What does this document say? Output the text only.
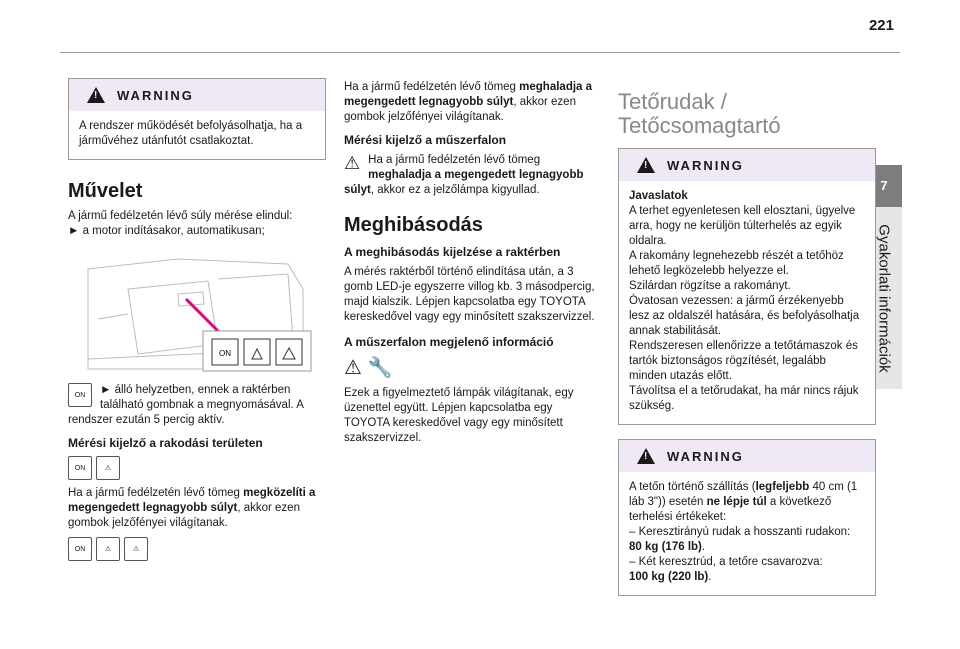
221
7
Gyakorlati információk
!
WARNING

A rendszer működését befolyásolhatja, ha a járművéhez utánfutót csatlakoztat.

Művelet

A jármű fedélzetén lévő súly mérése elindul:

► a motor indításakor, automatikusan;

ON
ON	► álló helyzetben, ennek a raktérben található gombnak a megnyomásával. A rendszer ezután 5 percig aktív.

Mérési kijelző a rakodási területen
ON	⚠

Ha a jármű fedélzetén lévő tömeg megközelíti a megengedett legnagyobb súlyt, akkor ezen gombok jelzőfényei világítanak.

ON	⚠	⚠

Ha a jármű fedélzetén lévő tömeg meghaladja a megengedett legnagyobb súlyt, akkor ezen gombok jelzőfényei világítanak.

Mérési kijelző a műszerfalon
⚠ Ha a jármű fedélzetén lévő tömeg meghaladja a megengedett legnagyobb súlyt, akkor ez a jelzőlámpa kigyullad.

Meghibásodás
A meghibásodás kijelzése a raktérben

A mérés raktérből történő elindítása után, a 3 gomb LED-je egyszerre villog kb. 3 másodpercig, majd kialszik. Lépjen kapcsolatba egy TOYOTA kereskedővel vagy egy minősített szakszervizzel.

A műszerfalon megjelenő információ
⚠ 🔧

Ezek a figyelmeztető lámpák világítanak, egy üzenettel együtt. Lépjen kapcsolatba egy TOYOTA kereskedővel vagy egy minősített szakszervizzel.

Tetőrudak / Tetőcsomagtartó
!
WARNING

Javaslatok

A terhet egyenletesen kell elosztani, ügyelve arra, hogy ne kerüljön túlterhelés az egyik oldalra.

A rakomány legnehezebb részét a tetőhöz lehető legközelebb helyezze el.

Szilárdan rögzítse a rakományt.

Óvatosan vezessen: a jármű érzékenyebb lesz az oldalszél hatására, és befolyásolhatja annak stabilitását.

Rendszeresen ellenőrizze a tetőtámaszok és tartók biztonságos rögzítését, legalább minden utazás előtt.

Távolítsa el a tetőrudakat, ha már nincs rájuk szükség.

!
WARNING

A tetőn történő szállítás (legfeljebb 40 cm (1 láb 3")) esetén ne lépje túl a következő terhelési értékeket:

– Keresztirányú rudak a hosszanti rudakon:

80 kg (176 lb).

– Két keresztrúd, a tetőre csavarozva:

100 kg (220 lb).
